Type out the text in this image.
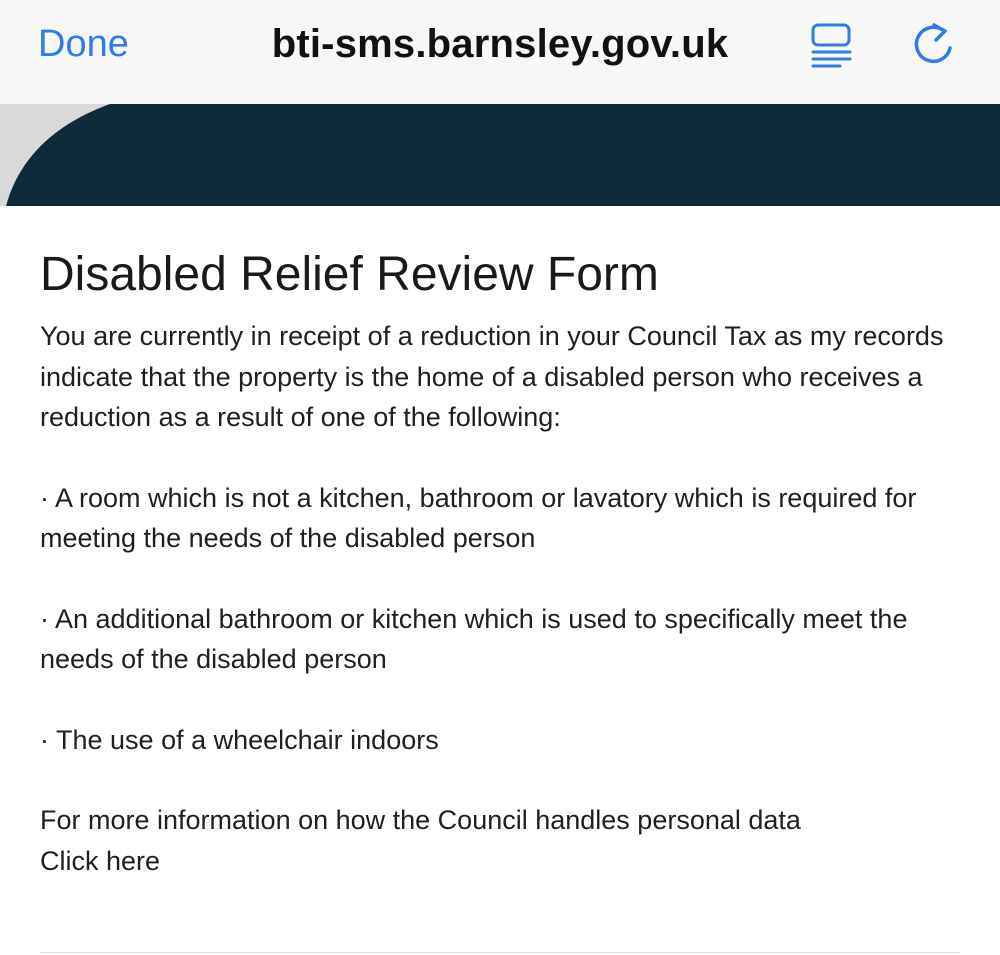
Done	bti-sms.barnsley.gov.uk
Disabled Relief Review Form

You are currently in receipt of a reduction in your Council Tax as my records indicate that the property is the home of a disabled person who receives a reduction as a result of one of the following:

· A room which is not a kitchen, bathroom or lavatory which is required for meeting the needs of the disabled person

· An additional bathroom or kitchen which is used to specifically meet the needs of the disabled person

· The use of a wheelchair indoors

For more information on how the Council handles personal data
Click here
